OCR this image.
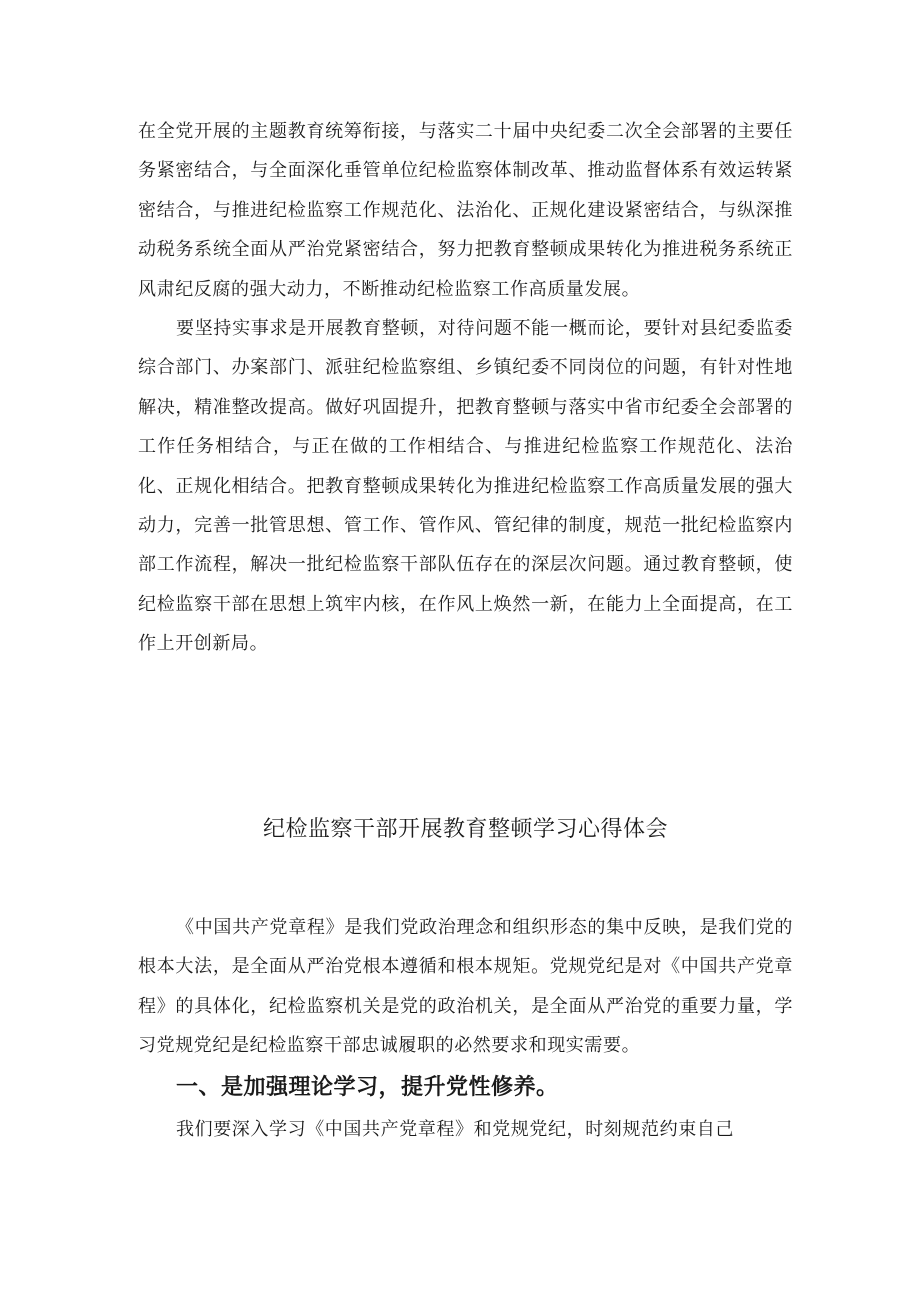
在全党开展的主题教育统筹衔接，与落实二十届中央纪委二次全会部署的主要任务紧密结合，与全面深化垂管单位纪检监察体制改革、推动监督体系有效运转紧密结合，与推进纪检监察工作规范化、法治化、正规化建设紧密结合，与纵深推动税务系统全面从严治党紧密结合，努力把教育整顿成果转化为推进税务系统正风肃纪反腐的强大动力，不断推动纪检监察工作高质量发展。

要坚持实事求是开展教育整顿，对待问题不能一概而论，要针对县纪委监委综合部门、办案部门、派驻纪检监察组、乡镇纪委不同岗位的问题，有针对性地解决，精准整改提高。做好巩固提升，把教育整顿与落实中省市纪委全会部署的工作任务相结合，与正在做的工作相结合、与推进纪检监察工作规范化、法治化、正规化相结合。把教育整顿成果转化为推进纪检监察工作高质量发展的强大动力，完善一批管思想、管工作、管作风、管纪律的制度，规范一批纪检监察内部工作流程，解决一批纪检监察干部队伍存在的深层次问题。通过教育整顿，使纪检监察干部在思想上筑牢内核，在作风上焕然一新，在能力上全面提高，在工作上开创新局。

纪检监察干部开展教育整顿学习心得体会

《中国共产党章程》是我们党政治理念和组织形态的集中反映，是我们党的根本大法，是全面从严治党根本遵循和根本规矩。党规党纪是对《中国共产党章程》的具体化，纪检监察机关是党的政治机关，是全面从严治党的重要力量，学习党规党纪是纪检监察干部忠诚履职的必然要求和现实需要。

一、是加强理论学习，提升党性修养。

我们要深入学习《中国共产党章程》和党规党纪，时刻规范约束自己
